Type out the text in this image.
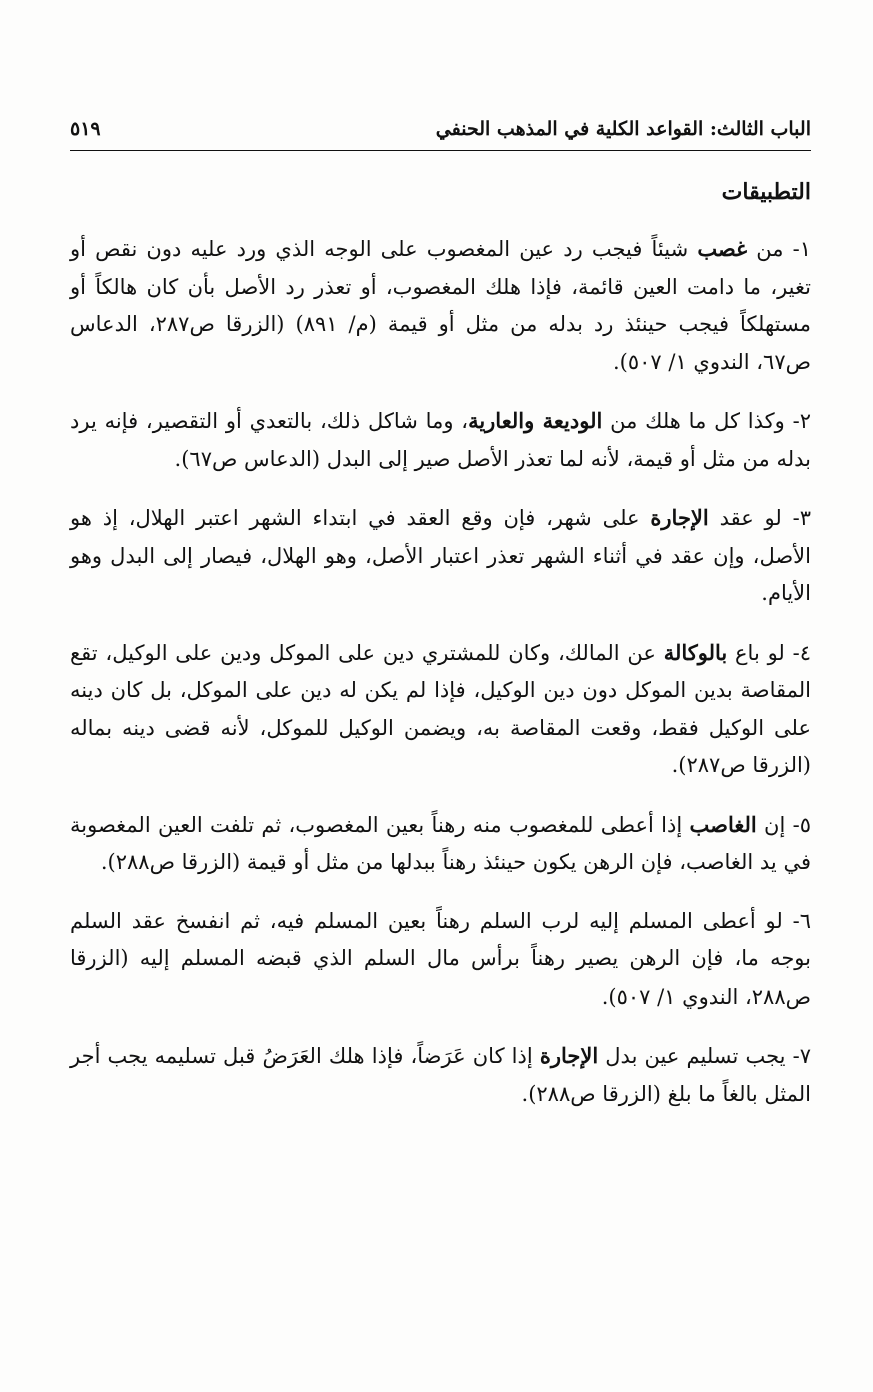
الباب الثالث: القواعد الكلية في المذهب الحنفي
٥١٩
التطبيقات

١- من غصب شيئاً فيجب رد عين المغصوب على الوجه الذي ورد عليه دون نقص أو تغير، ما دامت العين قائمة، فإذا هلك المغصوب، أو تعذر رد الأصل بأن كان هالكاً أو مستهلكاً فيجب حينئذ رد بدله من مثل أو قيمة (م/ ٨٩١) (الزرقا ص٢٨٧، الدعاس ص٦٧، الندوي ١/ ٥٠٧).

٢- وكذا كل ما هلك من الوديعة والعارية، وما شاكل ذلك، بالتعدي أو التقصير، فإنه يرد بدله من مثل أو قيمة، لأنه لما تعذر الأصل صير إلى البدل (الدعاس ص٦٧).

٣- لو عقد الإجارة على شهر، فإن وقع العقد في ابتداء الشهر اعتبر الهلال، إذ هو الأصل، وإن عقد في أثناء الشهر تعذر اعتبار الأصل، وهو الهلال، فيصار إلى البدل وهو الأيام.

٤- لو باع بالوكالة عن المالك، وكان للمشتري دين على الموكل ودين على الوكيل، تقع المقاصة بدين الموكل دون دين الوكيل، فإذا لم يكن له دين على الموكل، بل كان دينه على الوكيل فقط، وقعت المقاصة به، ويضمن الوكيل للموكل، لأنه قضى دينه بماله (الزرقا ص٢٨٧).

٥- إن الغاصب إذا أعطى للمغصوب منه رهناً بعين المغصوب، ثم تلفت العين المغصوبة في يد الغاصب، فإن الرهن يكون حينئذ رهناً ببدلها من مثل أو قيمة (الزرقا ص٢٨٨).

٦- لو أعطى المسلم إليه لرب السلم رهناً بعين المسلم فيه، ثم انفسخ عقد السلم بوجه ما، فإن الرهن يصير رهناً برأس مال السلم الذي قبضه المسلم إليه (الزرقا ص٢٨٨، الندوي ١/ ٥٠٧).

٧- يجب تسليم عين بدل الإجارة إذا كان عَرَضاً، فإذا هلك العَرَضُ قبل تسليمه يجب أجر المثل بالغاً ما بلغ (الزرقا ص٢٨٨).
